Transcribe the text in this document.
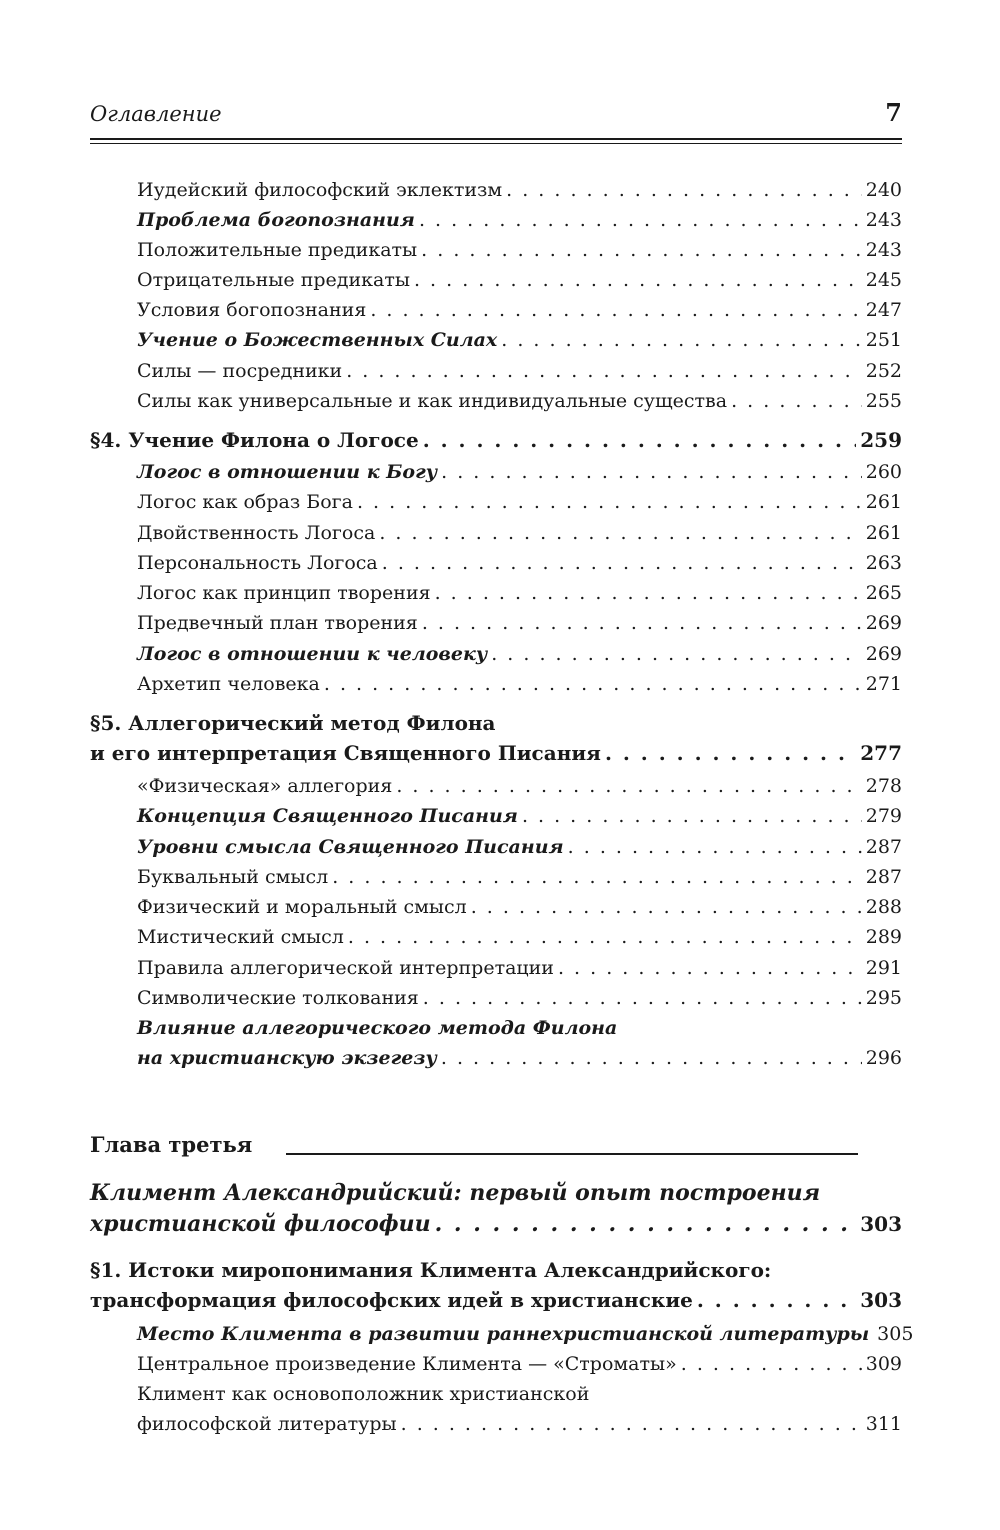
Оглавление	7
Иудейский философский эклектизм . . .	240
Проблема богопознания . . .	243
Положительные предикаты . . .	243
Отрицательные предикаты . . .	245
Условия богопознания . . .	247
Учение о Божественных Силах . . .	251
Силы — посредники . . .	252
Силы как универсальные и как индивидуальные существа . . .	255
§4. Учение Филона о Логосе . . .	259
Логос в отношении к Богу . . .	260
Логос как образ Бога . . .	261
Двойственность Логоса . . .	261
Персональность Логоса . . .	263
Логос как принцип творения . . .	265
Предвечный план творения . . .	269
Логос в отношении к человеку . . .	269
Архетип человека . . .	271
§5. Аллегорический метод Филона
и его интерпретация Священного Писания . . .	277
«Физическая» аллегория . . .	278
Концепция Священного Писания . . .	279
Уровни смысла Священного Писания . . .	287
Буквальный смысл . . .	287
Физический и моральный смысл . . .	288
Мистический смысл . . .	289
Правила аллегорической интерпретации . . .	291
Символические толкования . . .	295
Влияние аллегорического метода Филона
на христианскую экзегезу . . .	296
Глава третья
Климент Александрийский: первый опыт построения
христианской философии . . .	303
§1. Истоки миропонимания Климента Александрийского:
трансформация философских идей в христианские . . .	303
Место Климента в развитии раннехристианской литературы 305
Центральное произведение Климента — «Строматы» . . .	309
Климент как основоположник христианской
философской литературы . . .	311
